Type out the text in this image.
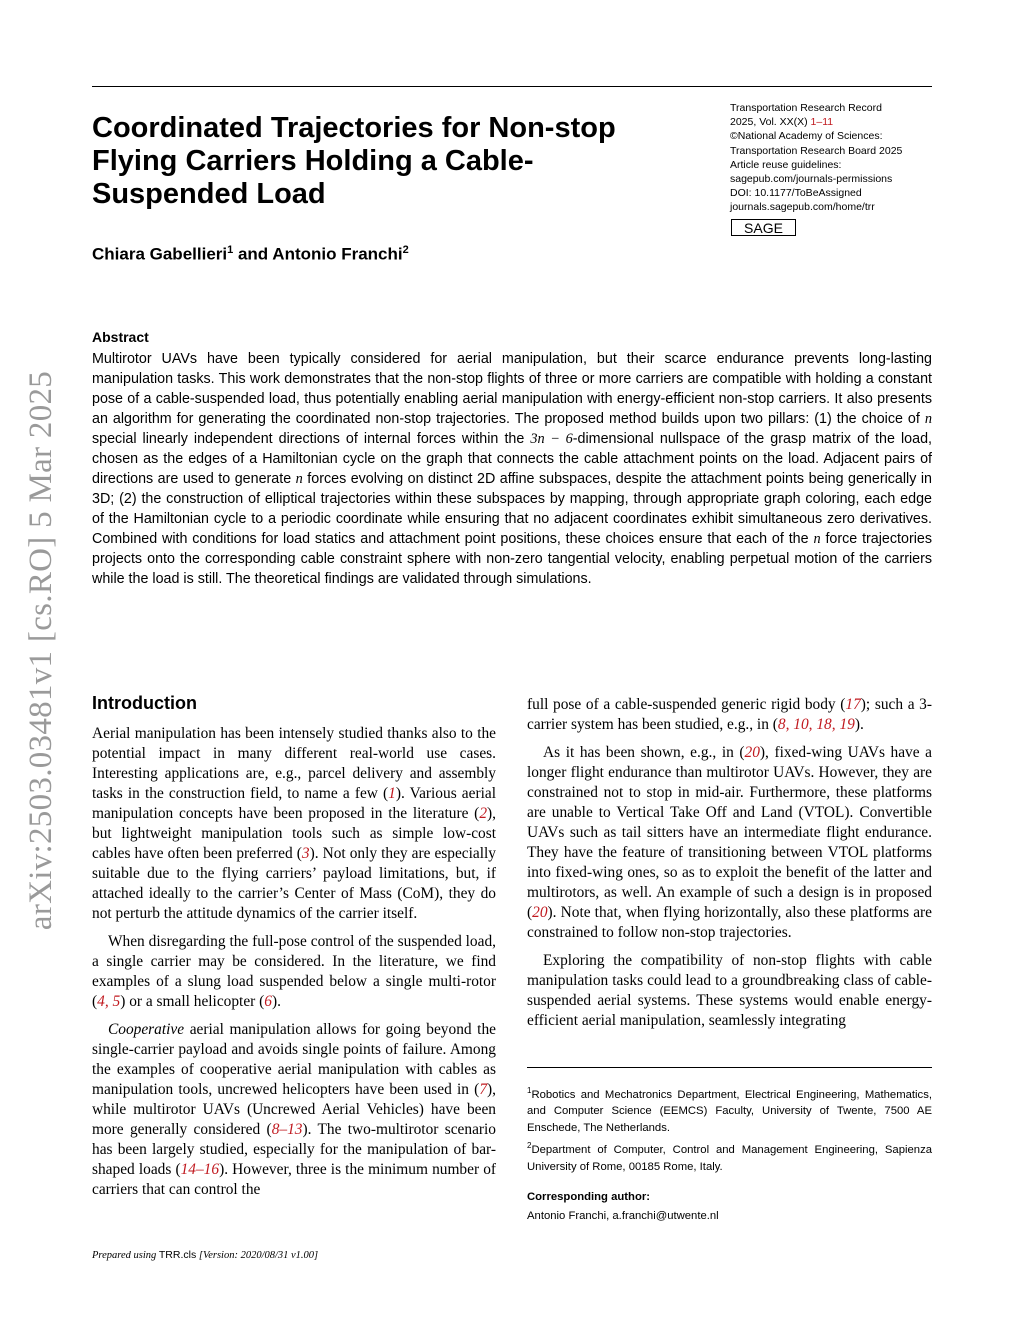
arXiv:2503.03481v1 [cs.RO] 5 Mar 2025
Coordinated Trajectories for Non-stop Flying Carriers Holding a Cable-Suspended Load
Chiara Gabellieri$^1$ and Antonio Franchi$^2$
Transportation Research Record
2025, Vol. XX(X) 1–11
©National Academy of Sciences:
Transportation Research Board 2025
Article reuse guidelines:
sagepub.com/journals-permissions
DOI: 10.1177/ToBeAssigned
journals.sagepub.com/home/trr
SAGE
Abstract
Multirotor UAVs have been typically considered for aerial manipulation, but their scarce endurance prevents long-lasting manipulation tasks. This work demonstrates that the non-stop flights of three or more carriers are compatible with holding a constant pose of a cable-suspended load, thus potentially enabling aerial manipulation with energy-efficient non-stop carriers. It also presents an algorithm for generating the coordinated non-stop trajectories. The proposed method builds upon two pillars: (1) the choice of n special linearly independent directions of internal forces within the 3n − 6-dimensional nullspace of the grasp matrix of the load, chosen as the edges of a Hamiltonian cycle on the graph that connects the cable attachment points on the load. Adjacent pairs of directions are used to generate n forces evolving on distinct 2D affine subspaces, despite the attachment points being generically in 3D; (2) the construction of elliptical trajectories within these subspaces by mapping, through appropriate graph coloring, each edge of the Hamiltonian cycle to a periodic coordinate while ensuring that no adjacent coordinates exhibit simultaneous zero derivatives. Combined with conditions for load statics and attachment point positions, these choices ensure that each of the n force trajectories projects onto the corresponding cable constraint sphere with non-zero tangential velocity, enabling perpetual motion of the carriers while the load is still. The theoretical findings are validated through simulations.
Introduction

Aerial manipulation has been intensely studied thanks also to the potential impact in many different real-world use cases. Interesting applications are, e.g., parcel delivery and assembly tasks in the construction field, to name a few (1). Various aerial manipulation concepts have been proposed in the literature (2), but lightweight manipulation tools such as simple low-cost cables have often been preferred (3). Not only they are especially suitable due to the flying carriers’ payload limitations, but, if attached ideally to the carrier’s Center of Mass (CoM), they do not perturb the attitude dynamics of the carrier itself.

When disregarding the full-pose control of the suspended load, a single carrier may be considered. In the literature, we find examples of a slung load suspended below a single multi-rotor (4, 5) or a small helicopter (6).

Cooperative aerial manipulation allows for going beyond the single-carrier payload and avoids single points of failure. Among the examples of cooperative aerial manipulation with cables as manipulation tools, uncrewed helicopters have been used in (7), while multirotor UAVs (Uncrewed Aerial Vehicles) have been more generally considered (8–13). The two-multirotor scenario has been largely studied, especially for the manipulation of bar-shaped loads (14–16). However, three is the minimum number of carriers that can control the

full pose of a cable-suspended generic rigid body (17); such a 3-carrier system has been studied, e.g., in (8, 10, 18, 19).

As it has been shown, e.g., in (20), fixed-wing UAVs have a longer flight endurance than multirotor UAVs. However, they are constrained not to stop in mid-air. Furthermore, these platforms are unable to Vertical Take Off and Land (VTOL). Convertible UAVs such as tail sitters have an intermediate flight endurance. They have the feature of transitioning between VTOL platforms into fixed-wing ones, so as to exploit the benefit of the latter and multirotors, as well. An example of such a design is in proposed (20). Note that, when flying horizontally, also these platforms are constrained to follow non-stop trajectories.

Exploring the compatibility of non-stop flights with cable manipulation tasks could lead to a groundbreaking class of cable-suspended aerial systems. These systems would enable energy-efficient aerial manipulation, seamlessly integrating

$^1$Robotics and Mechatronics Department, Electrical Engineering, Mathematics, and Computer Science (EEMCS) Faculty, University of Twente, 7500 AE Enschede, The Netherlands.

$^2$Department of Computer, Control and Management Engineering, Sapienza University of Rome, 00185 Rome, Italy.

Corresponding author:

Antonio Franchi, a.franchi@utwente.nl

Prepared using TRR.cls [Version: 2020/08/31 v1.00]
